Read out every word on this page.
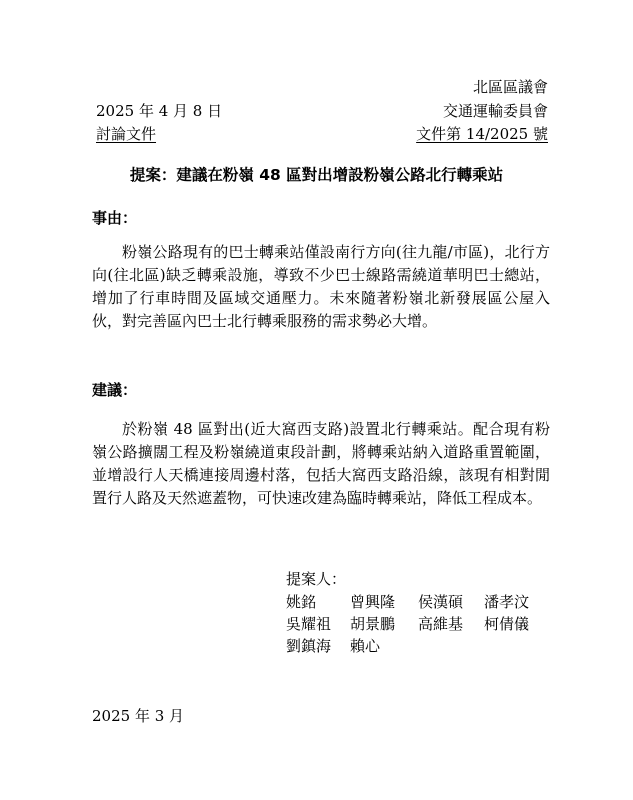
北區區議會
2025 年 4 月 8 日	交通運輸委員會
討論文件	文件第 14/2025 號
提案：建議在粉嶺 48 區對出增設粉嶺公路北行轉乘站
事由：

粉嶺公路現有的巴士轉乘站僅設南行方向(往九龍/市區)，北行方向(往北區)缺乏轉乘設施，導致不少巴士線路需繞道華明巴士總站，增加了行車時間及區域交通壓力。未來隨著粉嶺北新發展區公屋入伙，對完善區內巴士北行轉乘服務的需求勢必大增。

建議：

於粉嶺 48 區對出(近大窩西支路)設置北行轉乘站。配合現有粉嶺公路擴闊工程及粉嶺繞道東段計劃，將轉乘站納入道路重置範圍，並增設行人天橋連接周邊村落，包括大窩西支路沿線，該現有相對閒置行人路及天然遮蓋物，可快速改建為臨時轉乘站，降低工程成本。

提案人：
姚銘 曾興隆 侯漢碩 潘孝汶
吳耀祖 胡景鵬 高維基 柯倩儀
劉鎮海 賴心
2025 年 3 月
